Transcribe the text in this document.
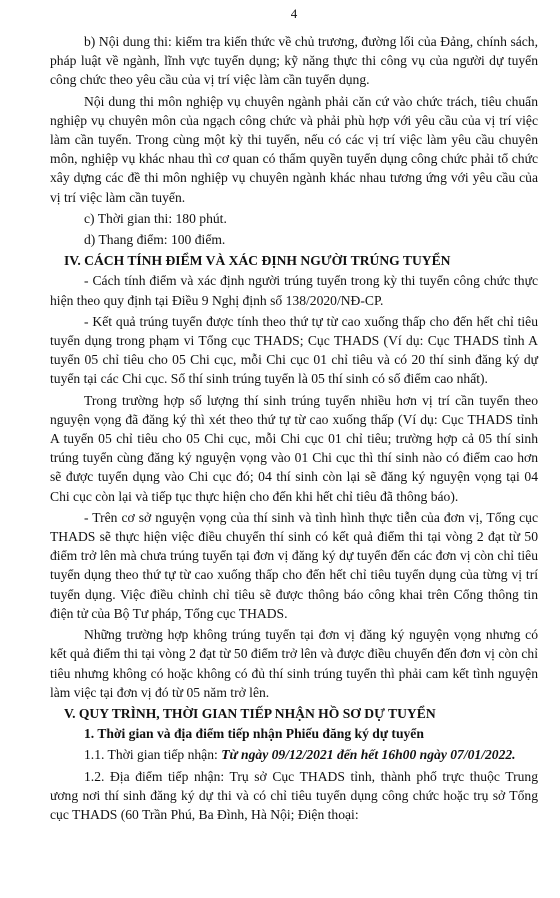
4

b) Nội dung thi: kiểm tra kiến thức về chủ trương, đường lối của Đảng, chính sách, pháp luật về ngành, lĩnh vực tuyển dụng; kỹ năng thực thi công vụ của người dự tuyển công chức theo yêu cầu của vị trí việc làm cần tuyển dụng.

Nội dung thi môn nghiệp vụ chuyên ngành phải căn cứ vào chức trách, tiêu chuẩn nghiệp vụ chuyên môn của ngạch công chức và phải phù hợp với yêu cầu của vị trí việc làm cần tuyển. Trong cùng một kỳ thi tuyển, nếu có các vị trí việc làm yêu cầu chuyên môn, nghiệp vụ khác nhau thì cơ quan có thẩm quyền tuyển dụng công chức phải tổ chức xây dựng các đề thi môn nghiệp vụ chuyên ngành khác nhau tương ứng với yêu cầu của vị trí việc làm cần tuyển.

c) Thời gian thi: 180 phút.

d) Thang điểm: 100 điểm.

IV. CÁCH TÍNH ĐIỂM VÀ XÁC ĐỊNH NGƯỜI TRÚNG TUYỂN

- Cách tính điểm và xác định người trúng tuyển trong kỳ thi tuyển công chức thực hiện theo quy định tại Điều 9 Nghị định số 138/2020/NĐ-CP.

- Kết quả trúng tuyển được tính theo thứ tự từ cao xuống thấp cho đến hết chỉ tiêu tuyển dụng trong phạm vi Tổng cục THADS; Cục THADS (Ví dụ: Cục THADS tỉnh A tuyển 05 chỉ tiêu cho 05 Chi cục, mỗi Chi cục 01 chỉ tiêu và có 20 thí sinh đăng ký dự tuyển tại các Chi cục. Số thí sinh trúng tuyển là 05 thí sinh có số điểm cao nhất).

Trong trường hợp số lượng thí sinh trúng tuyển nhiều hơn vị trí cần tuyển theo nguyện vọng đã đăng ký thì xét theo thứ tự từ cao xuống thấp (Ví dụ: Cục THADS tỉnh A tuyển 05 chỉ tiêu cho 05 Chi cục, mỗi Chi cục 01 chỉ tiêu; trường hợp cả 05 thí sinh trúng tuyển cùng đăng ký nguyện vọng vào 01 Chi cục thì thí sinh nào có điểm cao hơn sẽ được tuyển dụng vào Chi cục đó; 04 thí sinh còn lại sẽ đăng ký nguyện vọng tại 04 Chi cục còn lại và tiếp tục thực hiện cho đến khi hết chỉ tiêu đã thông báo).

- Trên cơ sở nguyện vọng của thí sinh và tình hình thực tiễn của đơn vị, Tổng cục THADS sẽ thực hiện việc điều chuyển thí sinh có kết quả điểm thi tại vòng 2 đạt từ 50 điểm trở lên mà chưa trúng tuyển tại đơn vị đăng ký dự tuyển đến các đơn vị còn chỉ tiêu tuyển dụng theo thứ tự từ cao xuống thấp cho đến hết chỉ tiêu tuyển dụng của từng vị trí tuyển dụng. Việc điều chỉnh chỉ tiêu sẽ được thông báo công khai trên Cổng thông tin điện tử của Bộ Tư pháp, Tổng cục THADS.

Những trường hợp không trúng tuyển tại đơn vị đăng ký nguyện vọng nhưng có kết quả điểm thi tại vòng 2 đạt từ 50 điểm trở lên và được điều chuyển đến đơn vị còn chỉ tiêu nhưng không có hoặc không có đủ thí sinh trúng tuyển thì phải cam kết tình nguyện làm việc tại đơn vị đó từ 05 năm trở lên.

V. QUY TRÌNH, THỜI GIAN TIẾP NHẬN HỒ SƠ DỰ TUYỂN

1. Thời gian và địa điểm tiếp nhận Phiếu đăng ký dự tuyển

1.1. Thời gian tiếp nhận: Từ ngày 09/12/2021 đến hết 16h00 ngày 07/01/2022.

1.2. Địa điểm tiếp nhận: Trụ sở Cục THADS tỉnh, thành phố trực thuộc Trung ương nơi thí sinh đăng ký dự thi và có chỉ tiêu tuyển dụng công chức hoặc trụ sở Tổng cục THADS (60 Trần Phú, Ba Đình, Hà Nội; Điện thoại:
